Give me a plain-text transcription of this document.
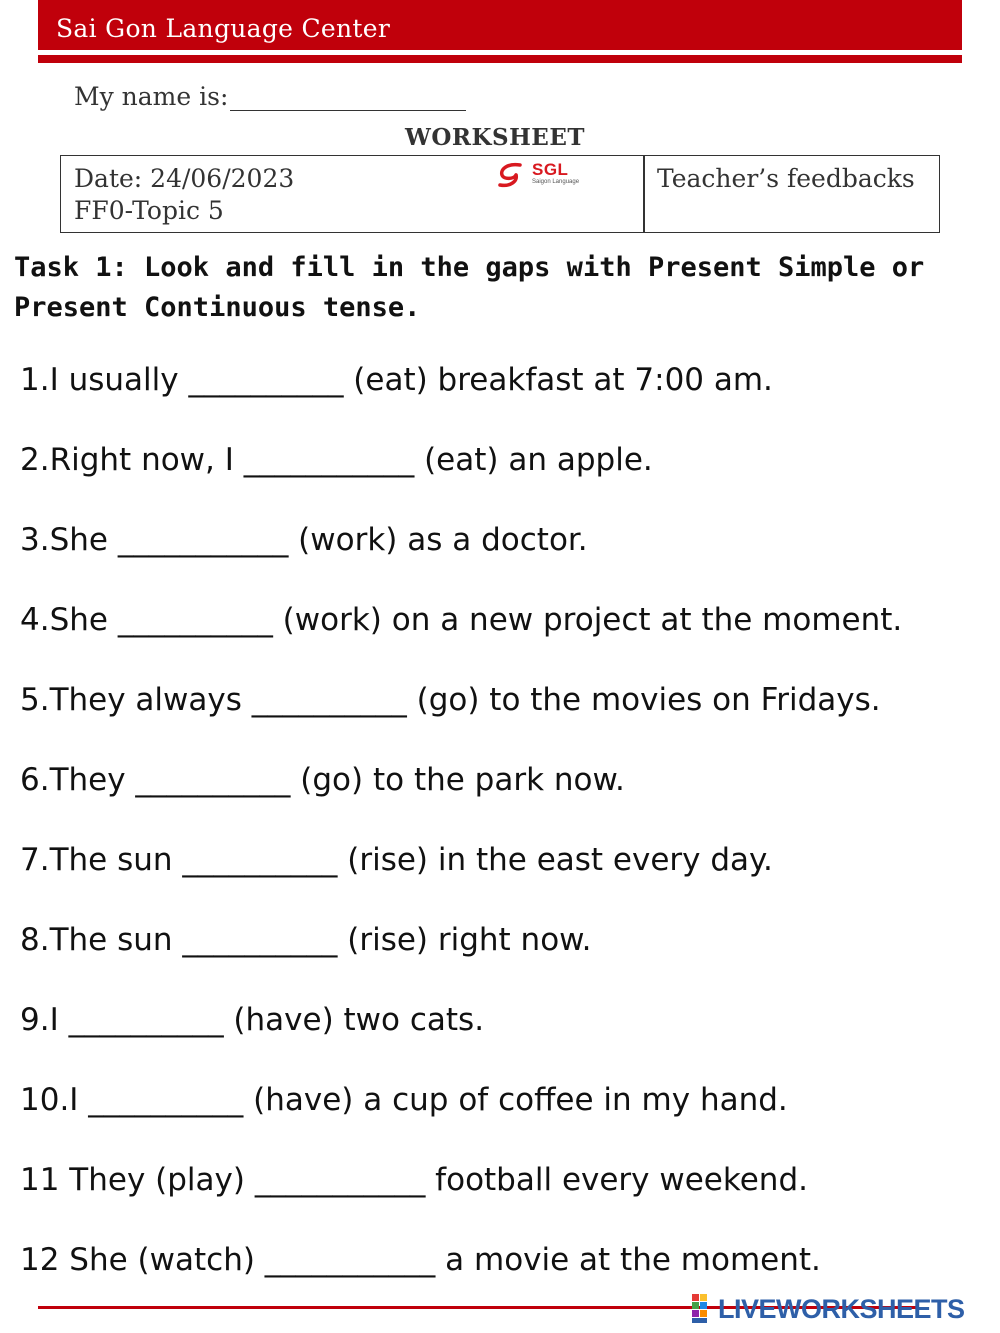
Sai Gon Language Center
My name is:
WORKSHEET
Date: 24/06/2023
FF0-Topic 5
SGL
Saigon Language	Teacher’s feedbacks
Task 1: Look and fill in the gaps with Present Simple or
Present Continuous tense.
1.I usually __________ (eat) breakfast at 7:00 am.
2.Right now, I ___________ (eat) an apple.
3.She ___________ (work) as a doctor.
4.She __________ (work) on a new project at the moment.
5.They always __________ (go) to the movies on Fridays.
6.They __________ (go) to the park now.
7.The sun __________ (rise) in the east every day.
8.The sun __________ (rise) right now.
9.I __________ (have) two cats.
10.I __________ (have) a cup of coffee in my hand.
11 They (play) ___________ football every weekend.
12 She (watch) ___________ a movie at the moment.
LIVEWORKSHEETS
